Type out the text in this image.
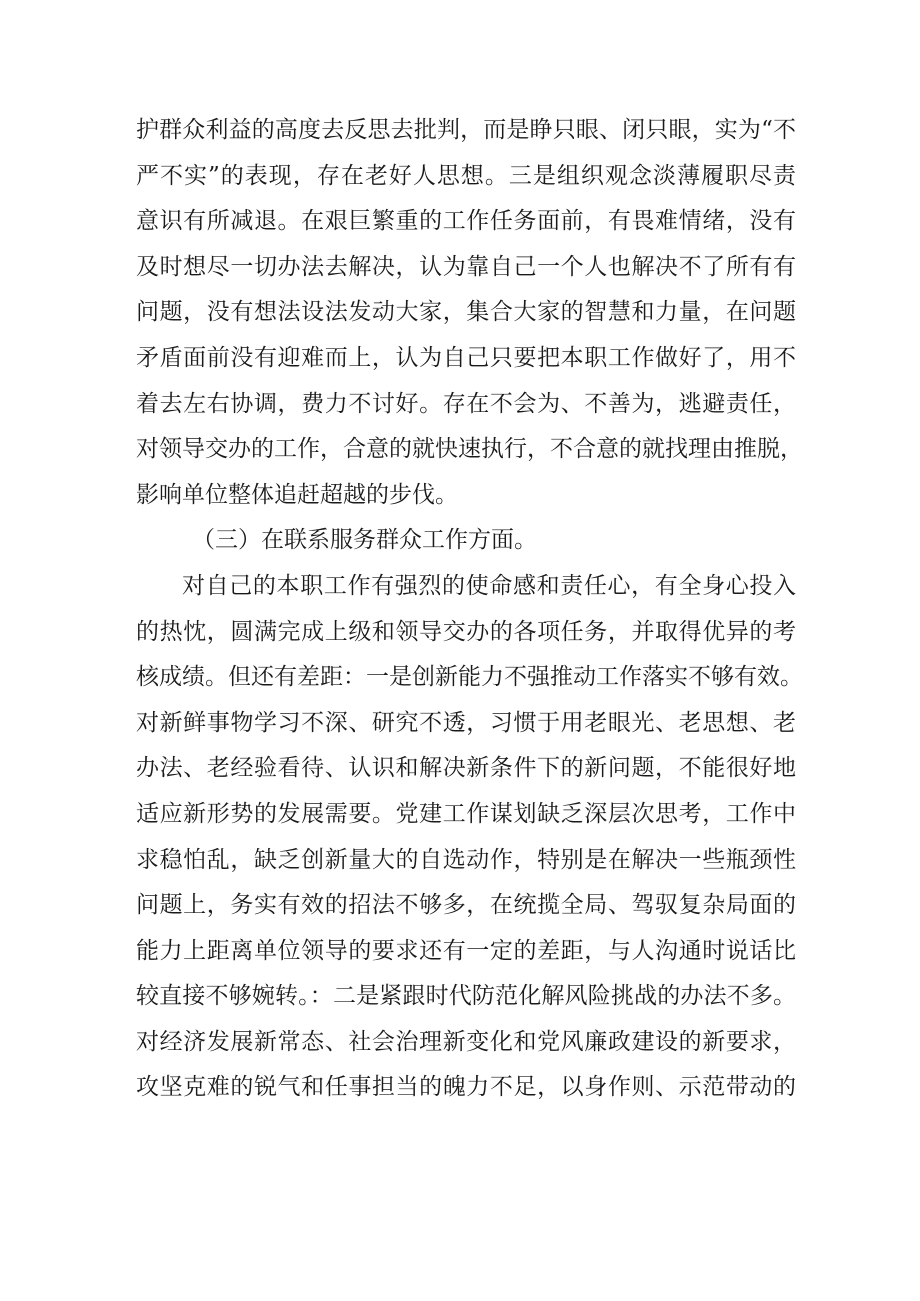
护群众利益的高度去反思去批判，而是睁只眼、闭只眼，实为“不
严不实”的表现，存在老好人思想。三是组织观念淡薄履职尽责
意识有所减退。在艰巨繁重的工作任务面前，有畏难情绪，没有
及时想尽一切办法去解决，认为靠自己一个人也解决不了所有有
问题，没有想法设法发动大家，集合大家的智慧和力量，在问题
矛盾面前没有迎难而上，认为自己只要把本职工作做好了，用不
着去左右协调，费力不讨好。存在不会为、不善为，逃避责任，
对领导交办的工作，合意的就快速执行，不合意的就找理由推脱，
影响单位整体追赶超越的步伐。
（三）在联系服务群众工作方面。
对自己的本职工作有强烈的使命感和责任心，有全身心投入
的热忱，圆满完成上级和领导交办的各项任务，并取得优异的考
核成绩。但还有差距：一是创新能力不强推动工作落实不够有效。
对新鲜事物学习不深、研究不透，习惯于用老眼光、老思想、老
办法、老经验看待、认识和解决新条件下的新问题，不能很好地
适应新形势的发展需要。党建工作谋划缺乏深层次思考，工作中
求稳怕乱，缺乏创新量大的自选动作，特别是在解决一些瓶颈性
问题上，务实有效的招法不够多，在统揽全局、驾驭复杂局面的
能力上距离单位领导的要求还有一定的差距，与人沟通时说话比
较直接不够婉转。：二是紧跟时代防范化解风险挑战的办法不多。
对经济发展新常态、社会治理新变化和党风廉政建设的新要求，
攻坚克难的锐气和任事担当的魄力不足，以身作则、示范带动的
